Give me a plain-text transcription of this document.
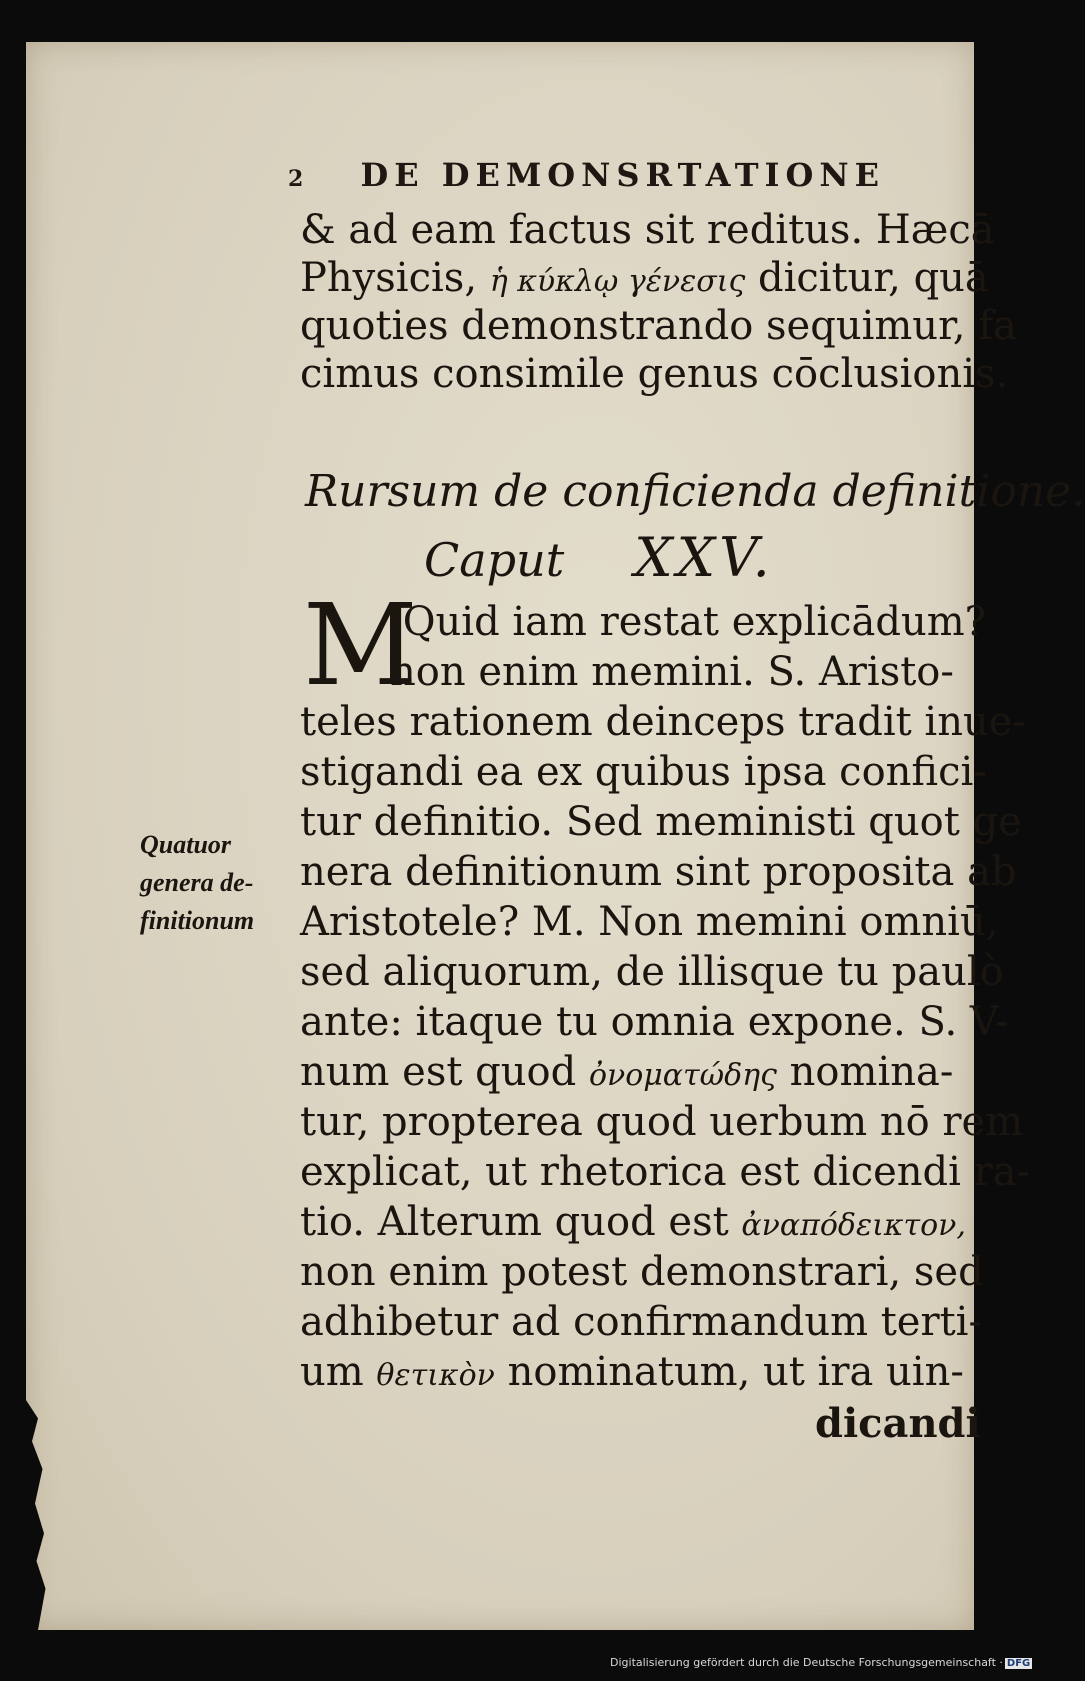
2 DE DEMONSRTATIONE
& ad eam factus sit reditus. Hæcā
Physicis, ἡ κύκλῳ γένεσις dicitur, quā
quoties demonstrando sequimur, fa
cimus consimile genus cōclusionis.
Rursum de conficienda definitione.
Caput XXV.
M
.Quid iam restat explicādum?
non enim memini. S. Aristo-
teles rationem deinceps tradit inue-
stigandi ea ex quibus ipsa confici-
tur definitio. Sed meministi quot ge
nera definitionum sint proposita ab
Aristotele? M. Non memini omniū,
sed aliquorum, de illisque tu paulò
ante: itaque tu omnia expone. S. V-
num est quod ὀνοματώδης nomina-
tur, propterea quod uerbum nō rem
explicat, ut rhetorica est dicendi ra-
tio. Alterum quod est ἀναπόδεικτον,
non enim potest demonstrari, sed
adhibetur ad confirmandum terti-
um θετικὸν nominatum, ut ira uin-
dicandi
Quatuor
genera de-
finitionum
Digitalisierung gefördert durch die Deutsche Forschungsgemeinschaft · DFG
